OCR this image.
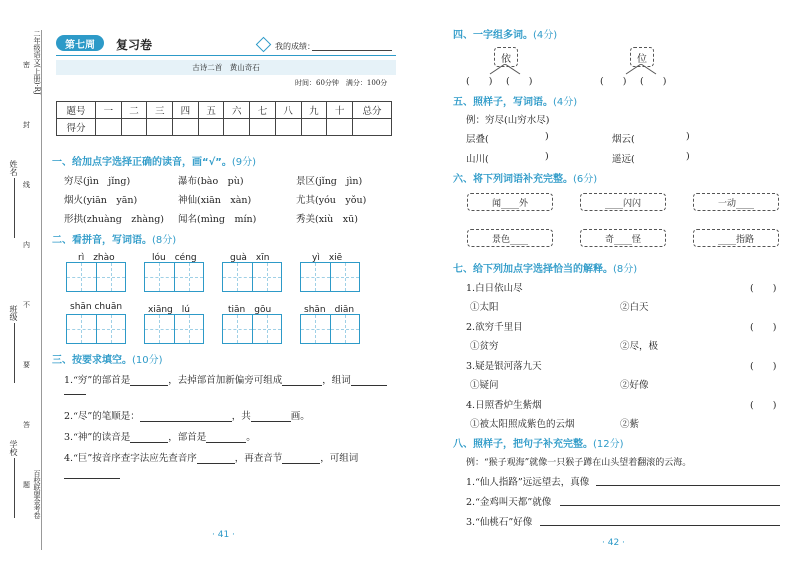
二年级语文(上册)·RJ
百校联盟金考卷
姓名
班级
学校
密
封
线
内
不
要
答
题
第七周	复习卷	我的成绩：
古诗二首　黄山奇石
时间：60分钟　满分：100分
题号	一	二	三	四	五	六	七	八	九	十	总分
得分											
一、给加点字选择正确的读音，画“√”。(9分)
穷尽(jìn　jǐng)	瀑布(bào　pù)	景区(jǐng　jìn)
烟火(yiān　yān)	神仙(xiān　xàn)	尤其(yóu　yǒu)
形拱(zhuàng　zhàng) 闻名(mìng　mín)	秀美(xiù　xū)
二、看拼音，写词语。(8分)
rì　zhào	lóu　céng	guà　xīn	yì　xiē
shān chuān	xiāng　lú	tiān　gōu	shān　diān
三、按要求填空。(10分)
1.“穷”的部首是	，去掉部首加新偏旁可组成	，组词
2.“尽”的笔顺是：	，共	画。
3.“神”的读音是	，部首是	。
4.“巨”按音序查字法应先查音序	，再查音节	，可组词
· 41 ·
四、一字组多词。(4分)
依	位
(　　) (　　)	(　　) (　　)
五、照样子，写词语。(4分)
例：穷尽(山穷水尽)
层叠(	)	烟云(	)
山川(	)	遥远(	)
六、将下列词语补充完整。(6分)
闻____外	____闪闪	一动____
景色____	奇____怪	____指路
七、给下列加点字选择恰当的解释。(8分)
1.白日依山尽	(　　)
①太阳	②白天
2.欲穷千里目	(　　)
①贫穷	②尽，极
3.疑是银河落九天	(　　)
①疑问	②好像
4.日照香炉生紫烟	(　　)
①被太阳照成紫色的云烟	②紫
八、照样子，把句子补充完整。(12分)
例：“猴子观海”就像一只猴子蹲在山头望着翻滚的云海。
1.“仙人指路”远远望去，真像
2.“金鸡叫天都”就像
3.“仙桃石”好像
· 42 ·
